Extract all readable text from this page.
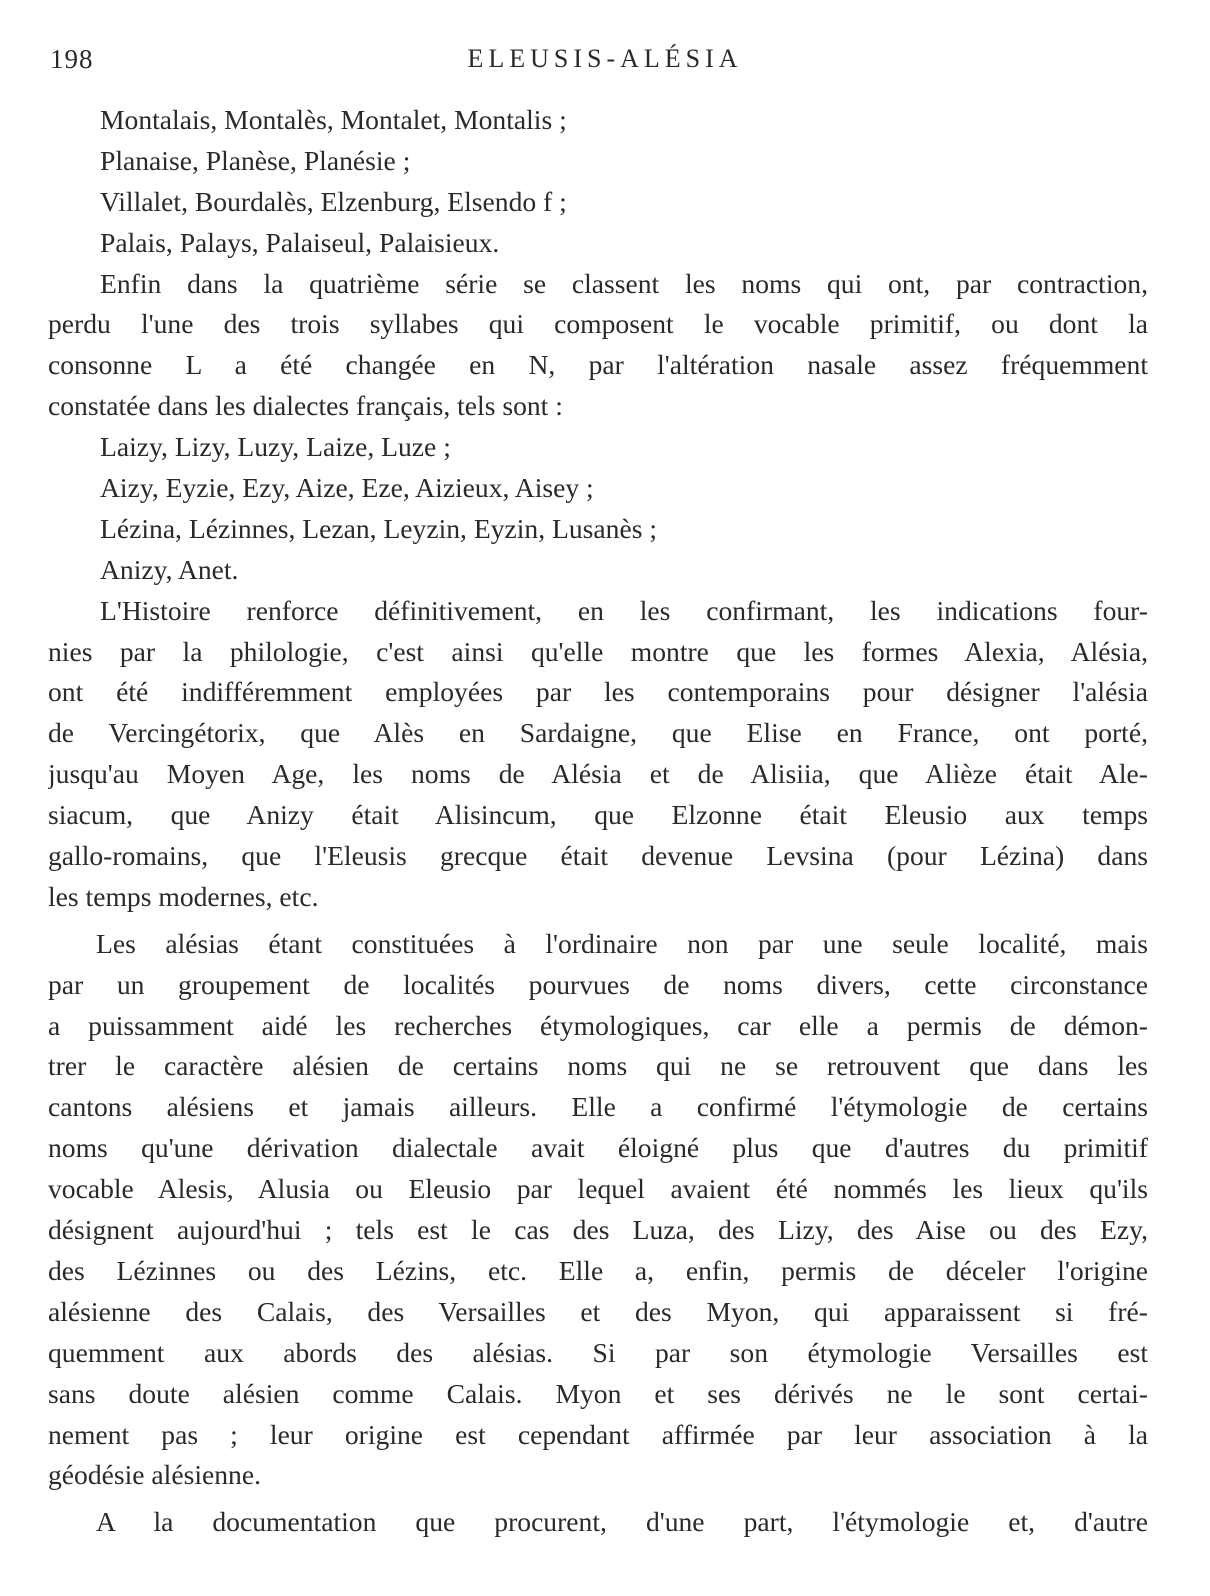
198	ELEUSIS-ALÉSIA
Montalais, Montalès, Montalet, Montalis ;
Planaise, Planèse, Planésie ;
Villalet, Bourdalès, Elzenburg, Elsendo f ;
Palais, Palays, Palaiseul, Palaisieux.
Enfin dans la quatrième série se classent les noms qui ont, par contraction,
perdu l'une des trois syllabes qui composent le vocable primitif, ou dont la
consonne L a été changée en N, par l'altération nasale assez fréquemment
constatée dans les dialectes français, tels sont :
Laizy, Lizy, Luzy, Laize, Luze ;
Aizy, Eyzie, Ezy, Aize, Eze, Aizieux, Aisey ;
Lézina, Lézinnes, Lezan, Leyzin, Eyzin, Lusanès ;
Anizy, Anet.
L'Histoire renforce définitivement, en les confirmant, les indications four-
nies par la philologie, c'est ainsi qu'elle montre que les formes Alexia, Alésia,
ont été indifféremment employées par les contemporains pour désigner l'alésia
de Vercingétorix, que Alès en Sardaigne, que Elise en France, ont porté,
jusqu'au Moyen Age, les noms de Alésia et de Alisiia, que Alièze était Ale-
siacum, que Anizy était Alisincum, que Elzonne était Eleusio aux temps
gallo-romains, que l'Eleusis grecque était devenue Levsina (pour Lézina) dans
les temps modernes, etc.
Les alésias étant constituées à l'ordinaire non par une seule localité, mais
par un groupement de localités pourvues de noms divers, cette circonstance
a puissamment aidé les recherches étymologiques, car elle a permis de démon-
trer le caractère alésien de certains noms qui ne se retrouvent que dans les
cantons alésiens et jamais ailleurs. Elle a confirmé l'étymologie de certains
noms qu'une dérivation dialectale avait éloigné plus que d'autres du primitif
vocable Alesis, Alusia ou Eleusio par lequel avaient été nommés les lieux qu'ils
désignent aujourd'hui ; tels est le cas des Luza, des Lizy, des Aise ou des Ezy,
des Lézinnes ou des Lézins, etc. Elle a, enfin, permis de déceler l'origine
alésienne des Calais, des Versailles et des Myon, qui apparaissent si fré-
quemment aux abords des alésias. Si par son étymologie Versailles est
sans doute alésien comme Calais. Myon et ses dérivés ne le sont certai-
nement pas ; leur origine est cependant affirmée par leur association à la
géodésie alésienne.
A la documentation que procurent, d'une part, l'étymologie et, d'autre
